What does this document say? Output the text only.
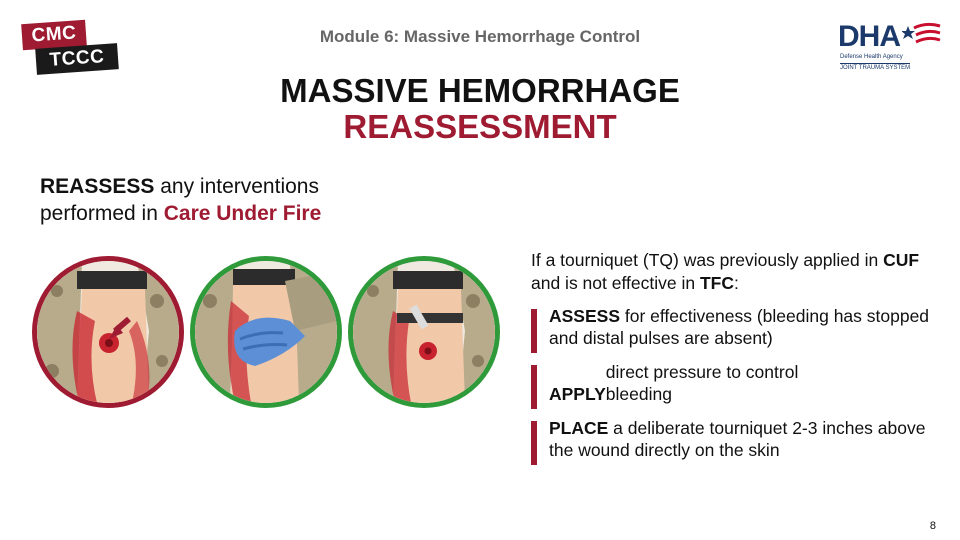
CMC
TCCC
Module 6: Massive Hemorrhage Control	DHA
Defense Health Agency
JOINT TRAUMA SYSTEM
MASSIVE HEMORRHAGE
REASSESSMENT
REASSESS any interventions
performed in Care Under Fire

If a tourniquet (TQ) was previously applied in CUF and is not effective in TFC:

ASSESS for effectiveness (bleeding has stopped and distal pulses are absent)
APPLYdirect pressure to control bleeding
PLACE a deliberate tourniquet 2-3 inches above the wound directly on the skin
8
